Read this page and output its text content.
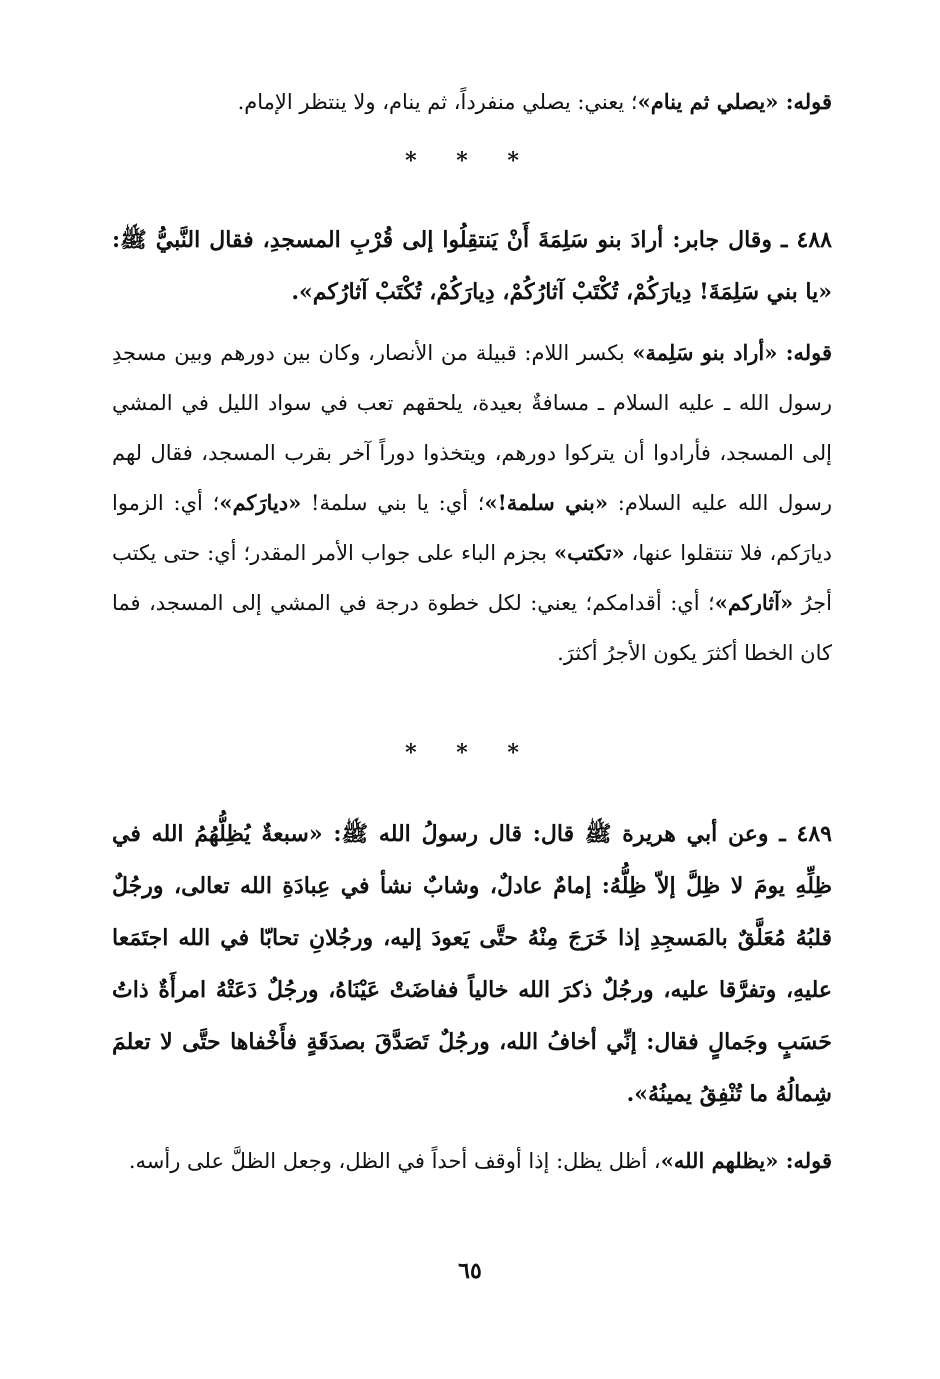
قوله: «يصلي ثم ينام»؛ يعني: يصلي منفرداً، ثم ينام، ولا ينتظر الإمام.

* * *

٤٨٨ ـ وقال جابر: أرادَ بنو سَلِمَةَ أَنْ يَنتقِلُوا إلى قُرْبِ المسجدِ، فقال النَّبيُّ ﷺ: «يا بني سَلِمَةَ! دِيارَكُمْ، تُكْتَبْ آثارُكُمْ، دِيارَكُمْ، تُكْتَبْ آثارُكم».

قوله: «أراد بنو سَلِمة» بكسر اللام: قبيلة من الأنصار، وكان بين دورهم وبين مسجدِ رسول الله ـ عليه السلام ـ مسافةٌ بعيدة، يلحقهم تعب في سواد الليل في المشي إلى المسجد، فأرادوا أن يتركوا دورهم، ويتخذوا دوراً آخر بقرب المسجد، فقال لهم رسول الله عليه السلام: «بني سلمة!»؛ أي: يا بني سلمة! «ديارَكم»؛ أي: الزموا ديارَكم، فلا تنتقلوا عنها، «تكتب» بجزم الباء على جواب الأمر المقدر؛ أي: حتى يكتب أجرُ «آثاركم»؛ أي: أقدامكم؛ يعني: لكل خطوة درجة في المشي إلى المسجد، فما كان الخطا أكثرَ يكون الأجرُ أكثرَ.

* * *

٤٨٩ ـ وعن أبي هريرة ﷺ قال: قال رسولُ الله ﷺ: «سبعةٌ يُظِلُّهُمُ الله في ظِلِّهِ يومَ لا ظِلَّ إلاّ ظِلُّهُ: إمامٌ عادلٌ، وشابٌ نشأ في عِبادَةِ الله تعالى، ورجُلٌ قلبُهُ مُعَلَّقٌ بالمَسجِدِ إذا خَرَجَ مِنْهُ حتَّى يَعودَ إليه، ورجُلانِ تحابّا في الله اجتَمَعا عليهِ، وتفرَّقا عليه، ورجُلٌ ذكرَ الله خالياً ففاضَتْ عَيْنَاهُ، ورجُلٌ دَعَتْهُ امرأَةٌ ذاتُ حَسَبٍ وجَمالٍ فقال: إنِّي أخافُ الله، ورجُلٌ تَصَدَّقَ بصدَقَةٍ فأَخْفاها حتَّى لا تعلمَ شِمالُهُ ما تُنْفِقُ يمينُهُ».

قوله: «يظلهم الله»، أظل يظل: إذا أوقف أحداً في الظل، وجعل الظلَّ على رأسه.

٦٥
